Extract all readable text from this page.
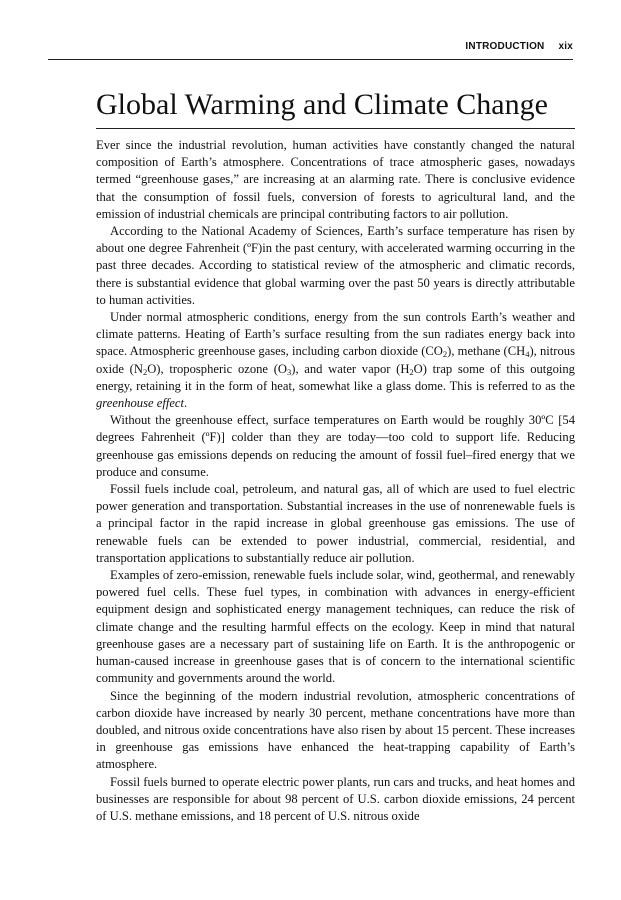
INTRODUCTION xix
Global Warming and Climate Change

Ever since the industrial revolution, human activities have constantly changed the natural composition of Earth’s atmosphere. Concentrations of trace atmospheric gases, nowadays termed “greenhouse gases,” are increasing at an alarming rate. There is conclusive evidence that the consumption of fossil fuels, conversion of forests to agricultural land, and the emission of industrial chemicals are principal contributing factors to air pollution.

According to the National Academy of Sciences, Earth’s surface temperature has risen by about one degree Fahrenheit (ºF)in the past century, with accelerated warming occurring in the past three decades. According to statistical review of the atmospheric and climatic records, there is substantial evidence that global warming over the past 50 years is directly attributable to human activities.

Under normal atmospheric conditions, energy from the sun controls Earth’s weather and climate patterns. Heating of Earth’s surface resulting from the sun radiates energy back into space. Atmospheric greenhouse gases, including carbon dioxide $(CO_2)$, methane $(CH_4)$, nitrous oxide $(N_2O)$, tropospheric ozone $(O_3)$, and water vapor $(H_2O)$ trap some of this outgoing energy, retaining it in the form of heat, somewhat like a glass dome. This is referred to as the greenhouse effect.

Without the greenhouse effect, surface temperatures on Earth would be roughly 30ºC [54 degrees Fahrenheit (ºF)] colder than they are today—too cold to support life. Reducing greenhouse gas emissions depends on reducing the amount of fossil fuel–fired energy that we produce and consume.

Fossil fuels include coal, petroleum, and natural gas, all of which are used to fuel electric power generation and transportation. Substantial increases in the use of nonrenewable fuels is a principal factor in the rapid increase in global greenhouse gas emissions. The use of renewable fuels can be extended to power industrial, commercial, residential, and transportation applications to substantially reduce air pollution.

Examples of zero-emission, renewable fuels include solar, wind, geothermal, and renewably powered fuel cells. These fuel types, in combination with advances in energy-efficient equipment design and sophisticated energy management techniques, can reduce the risk of climate change and the resulting harmful effects on the ecology. Keep in mind that natural greenhouse gases are a necessary part of sustaining life on Earth. It is the anthropogenic or human-caused increase in greenhouse gases that is of concern to the international scientific community and governments around the world.

Since the beginning of the modern industrial revolution, atmospheric concentrations of carbon dioxide have increased by nearly 30 percent, methane concentrations have more than doubled, and nitrous oxide concentrations have also risen by about 15 percent. These increases in greenhouse gas emissions have enhanced the heat-trapping capability of Earth’s atmosphere.

Fossil fuels burned to operate electric power plants, run cars and trucks, and heat homes and businesses are responsible for about 98 percent of U.S. carbon dioxide emissions, 24 percent of U.S. methane emissions, and 18 percent of U.S. nitrous oxide
